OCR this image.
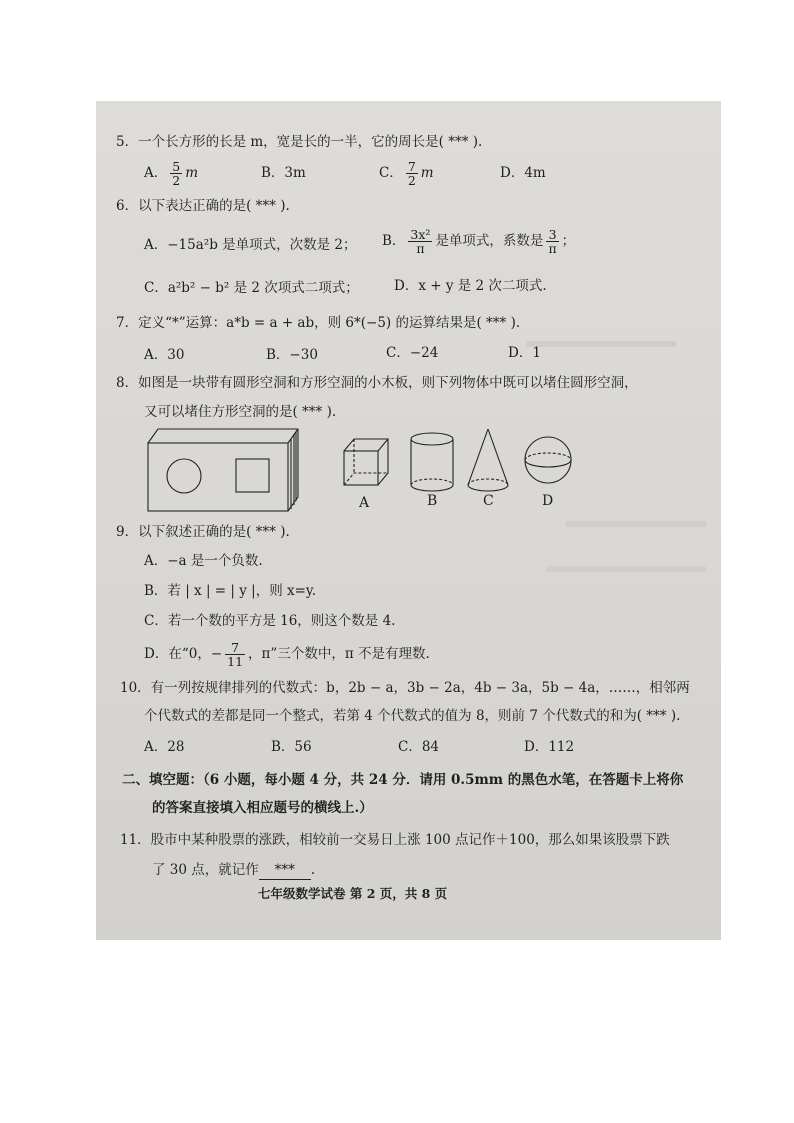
5．一个长方形的长是 m，宽是长的一半，它的周长是( *** ).
A． $\frac{5}{2}$ m	B．3m	C． $\frac{7}{2}$ m	D．4m
6．以下表达正确的是( *** ).
A．−15a²b 是单项式，次数是 2； B． $\frac{\text{3x²}}{\pi}$ 是单项式，系数是 $\frac{3}{\pi}$ ；
C．a²b² − b² 是 2 次项式二项式；	D．x + y 是 2 次二项式.
7．定义“*”运算：a*b = a + ab，则 6*(−5) 的运算结果是( *** ).
A．30	B．−30	C．−24	D．1
8．如图是一块带有圆形空洞和方形空洞的小木板，则下列物体中既可以堵住圆形空洞，
又可以堵住方形空洞的是( *** ).
A	B	C	D
9．以下叙述正确的是( *** ).
A．−a 是一个负数.
B．若 | x | = | y |，则 x=y.
C．若一个数的平方是 16，则这个数是 4.
D．在“0，− $\frac{7}{11}$ ，π”三个数中，π 不是有理数.
10．有一列按规律排列的代数式：b，2b − a，3b − 2a，4b − 3a，5b − 4a，……，相邻两
个代数式的差都是同一个整式，若第 4 个代数式的值为 8，则前 7 个代数式的和为( *** ).
A．28	B．56	C．84	D．112
二、填空题：（6 小题，每小题 4 分，共 24 分．请用 0.5mm 的黑色水笔，在答题卡上将你
的答案直接填入相应题号的横线上.）
11．股市中某种股票的涨跌，相较前一交易日上涨 100 点记作＋100，那么如果该股票下跌
了 30 点，就记作 *** .
七年级数学试卷 第 2 页，共 8 页
